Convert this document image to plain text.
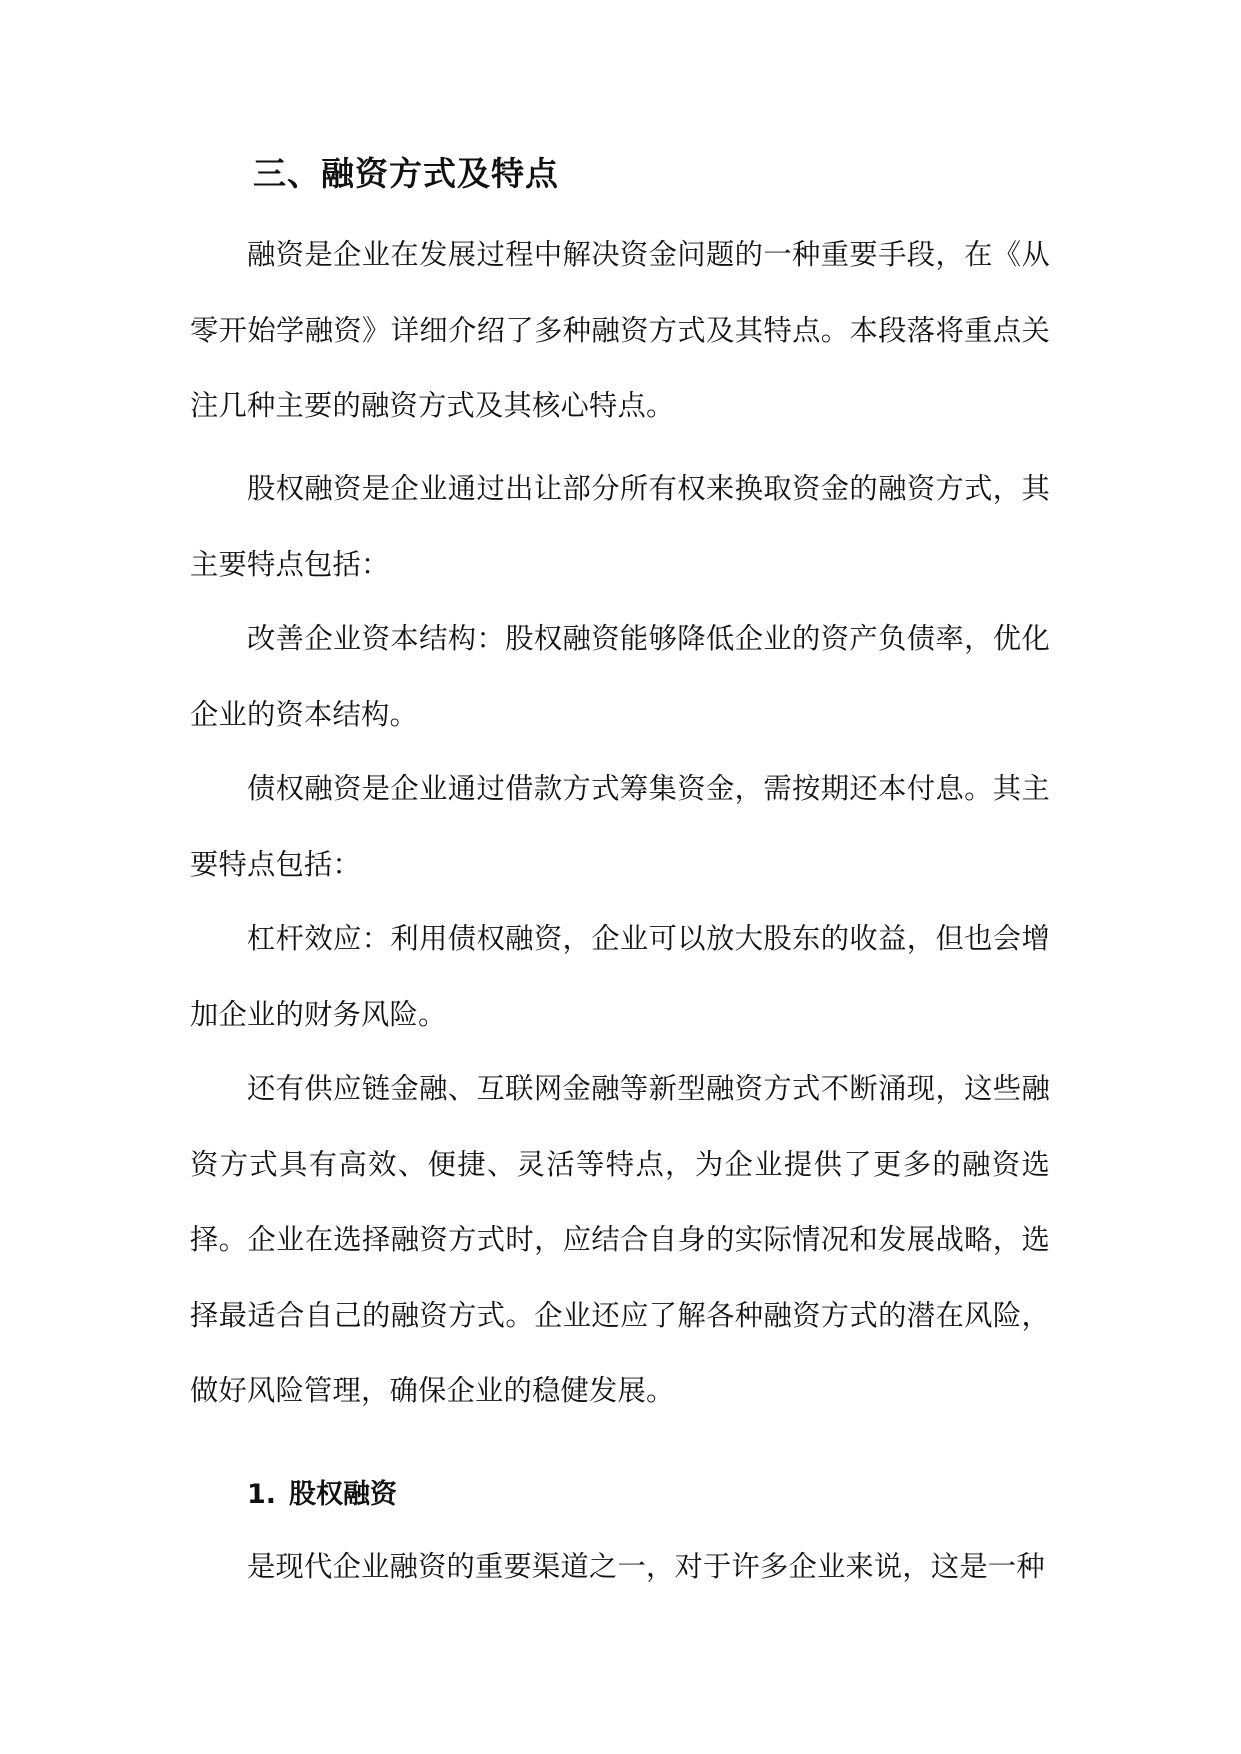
三、融资方式及特点

融资是企业在发展过程中解决资金问题的一种重要手段，在《从零开始学融资》详细介绍了多种融资方式及其特点。本段落将重点关注几种主要的融资方式及其核心特点。

股权融资是企业通过出让部分所有权来换取资金的融资方式，其主要特点包括：

改善企业资本结构：股权融资能够降低企业的资产负债率，优化企业的资本结构。

债权融资是企业通过借款方式筹集资金，需按期还本付息。其主要特点包括：

杠杆效应：利用债权融资，企业可以放大股东的收益，但也会增加企业的财务风险。

还有供应链金融、互联网金融等新型融资方式不断涌现，这些融资方式具有高效、便捷、灵活等特点，为企业提供了更多的融资选择。企业在选择融资方式时，应结合自身的实际情况和发展战略，选择最适合自己的融资方式。企业还应了解各种融资方式的潜在风险，做好风险管理，确保企业的稳健发展。

1. 股权融资

是现代企业融资的重要渠道之一，对于许多企业来说，这是一种
